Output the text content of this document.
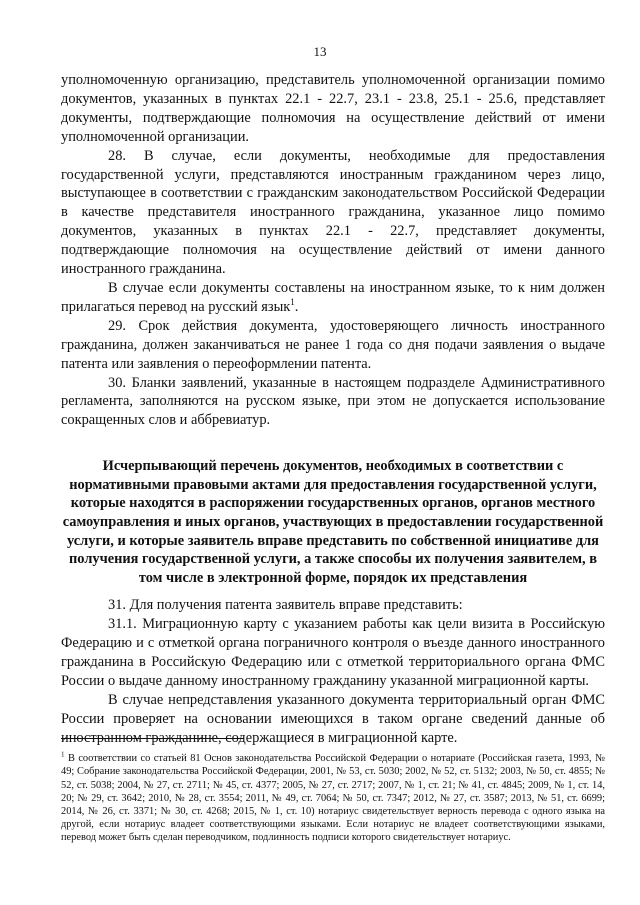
13

уполномоченную организацию, представитель уполномоченной организации помимо документов, указанных в пунктах 22.1 - 22.7, 23.1 - 23.8, 25.1 - 25.6, представляет документы, подтверждающие полномочия на осуществление действий от имени уполномоченной организации.

28. В случае, если документы, необходимые для предоставления государственной услуги, представляются иностранным гражданином через лицо, выступающее в соответствии с гражданским законодательством Российской Федерации в качестве представителя иностранного гражданина, указанное лицо помимо документов, указанных в пунктах 22.1 - 22.7, представляет документы, подтверждающие полномочия на осуществление действий от имени данного иностранного гражданина.

В случае если документы составлены на иностранном языке, то к ним должен прилагаться перевод на русский язык$^1$.

29. Срок действия документа, удостоверяющего личность иностранного гражданина, должен заканчиваться не ранее 1 года со дня подачи заявления о выдаче патента или заявления о переоформлении патента.

30. Бланки заявлений, указанные в настоящем подразделе Административного регламента, заполняются на русском языке, при этом не допускается использование сокращенных слов и аббревиатур.

Исчерпывающий перечень документов, необходимых в соответствии с нормативными правовыми актами для предоставления государственной услуги, которые находятся в распоряжении государственных органов, органов местного самоуправления и иных органов, участвующих в предоставлении государственной услуги, и которые заявитель вправе представить по собственной инициативе для получения государственной услуги, а также способы их получения заявителем, в том числе в электронной форме, порядок их представления

31. Для получения патента заявитель вправе представить:

31.1. Миграционную карту с указанием работы как цели визита в Российскую Федерацию и с отметкой органа пограничного контроля о въезде данного иностранного гражданина в Российскую Федерацию или с отметкой территориального органа ФМС России о выдаче данному иностранному гражданину указанной миграционной карты.

В случае непредставления указанного документа территориальный орган ФМС России проверяет на основании имеющихся в таком органе сведений данные об иностранном гражданине, содержащиеся в миграционной карте.

$^1$ В соответствии со статьей 81 Основ законодательства Российской Федерации о нотариате (Российская газета, 1993, № 49; Собрание законодательства Российской Федерации, 2001, № 53, ст. 5030; 2002, № 52, ст. 5132; 2003, № 50, ст. 4855; № 52, ст. 5038; 2004, № 27, ст. 2711; № 45, ст. 4377; 2005, № 27, ст. 2717; 2007, № 1, ст. 21; № 41, ст. 4845; 2009, № 1, ст. 14, 20; № 29, ст. 3642; 2010, № 28, ст. 3554; 2011, № 49, ст. 7064; № 50, ст. 7347; 2012, № 27, ст. 3587; 2013, № 51, ст. 6699; 2014, № 26, ст. 3371; № 30, ст. 4268; 2015, № 1, ст. 10) нотариус свидетельствует верность перевода с одного языка на другой, если нотариус владеет соответствующими языками. Если нотариус не владеет соответствующими языками, перевод может быть сделан переводчиком, подлинность подписи которого свидетельствует нотариус.
